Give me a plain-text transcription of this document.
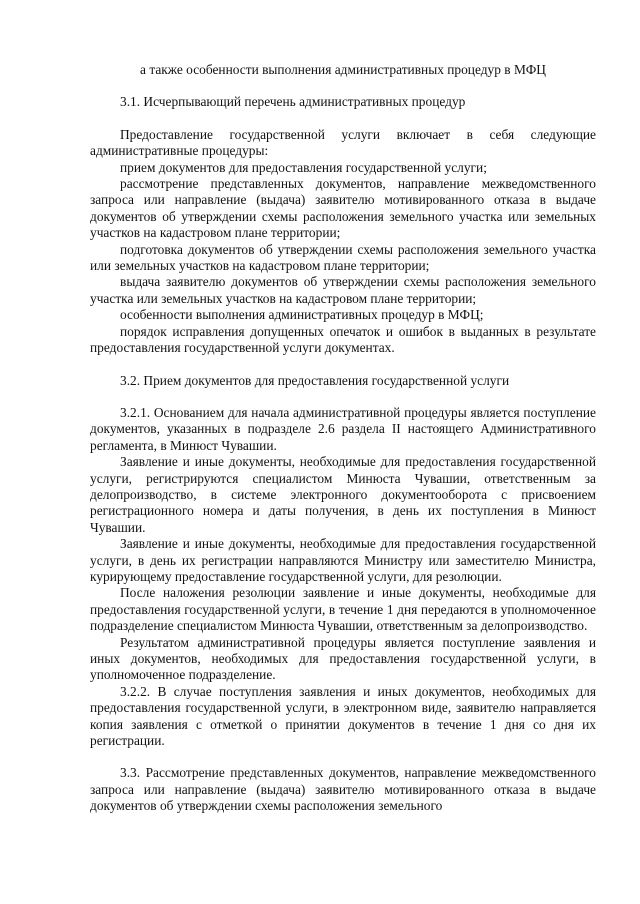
а также особенности выполнения административных процедур в МФЦ

3.1. Исчерпывающий перечень административных процедур

Предоставление государственной услуги включает в себя следующие административные процедуры:

прием документов для предоставления государственной услуги;

рассмотрение представленных документов, направление межведомственного запроса или направление (выдача) заявителю мотивированного отказа в выдаче документов об утверждении схемы расположения земельного участка или земельных участков на кадастровом плане территории;

подготовка документов об утверждении схемы расположения земельного участка или земельных участков на кадастровом плане территории;

выдача заявителю документов об утверждении схемы расположения земельного участка или земельных участков на кадастровом плане территории;

особенности выполнения административных процедур в МФЦ;

порядок исправления допущенных опечаток и ошибок в выданных в результате предоставления государственной услуги документах.

3.2. Прием документов для предоставления государственной услуги

3.2.1. Основанием для начала административной процедуры является поступление документов, указанных в подразделе 2.6 раздела II настоящего Административного регламента, в Минюст Чувашии.

Заявление и иные документы, необходимые для предоставления государственной услуги, регистрируются специалистом Минюста Чувашии, ответственным за делопроизводство, в системе электронного документооборота с присвоением регистрационного номера и даты получения, в день их поступления в Минюст Чувашии.

Заявление и иные документы, необходимые для предоставления государственной услуги, в день их регистрации направляются Министру или заместителю Министра, курирующему предоставление государственной услуги, для резолюции.

После наложения резолюции заявление и иные документы, необходимые для предоставления государственной услуги, в течение 1 дня передаются в уполномоченное подразделение специалистом Минюста Чувашии, ответственным за делопроизводство.

Результатом административной процедуры является поступление заявления и иных документов, необходимых для предоставления государственной услуги, в уполномоченное подразделение.

3.2.2. В случае поступления заявления и иных документов, необходимых для предоставления государственной услуги, в электронном виде, заявителю направляется копия заявления с отметкой о принятии документов в течение 1 дня со дня их регистрации.

3.3. Рассмотрение представленных документов, направление межведомственного запроса или направление (выдача) заявителю мотивированного отказа в выдаче документов об утверждении схемы расположения земельного
